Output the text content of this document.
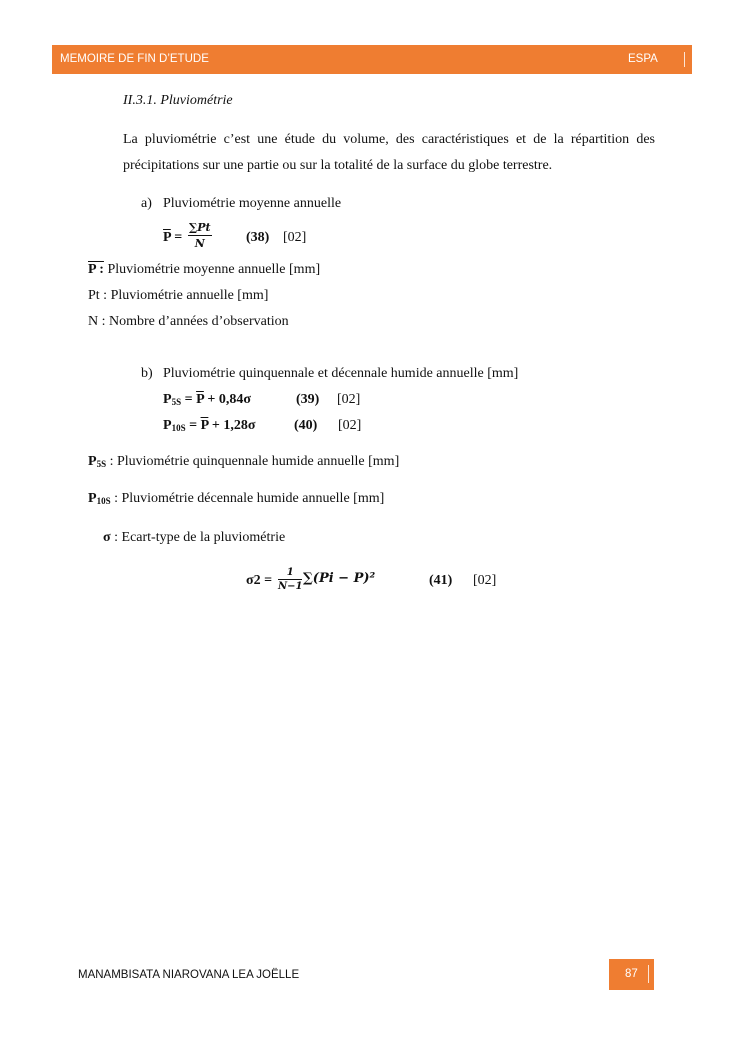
MEMOIRE DE FIN D’ETUDE	ESPA
II.3.1. Pluviométrie
La pluviométrie c’est une étude du volume, des caractéristiques et de la répartition des
précipitations sur une partie ou sur la totalité de la surface du globe terrestre.
a) Pluviométrie moyenne annuelle
$\overline{P} = \frac{\sum Pt}{N} (38)$ [02]
P : Pluviométrie moyenne annuelle [mm]
Pt : Pluviométrie annuelle [mm]
N : Nombre d’années d’observation
b) Pluviométrie quinquennale et décennale humide annuelle [mm]
$P_{5S} = \overline{P} + 0,84\sigma$	(39) [02]
$P_{10S} = \overline{P} + 1,28\sigma$	(40) [02]
$P_{5S}$ : Pluviométrie quinquennale humide annuelle [mm]
$P_{10S}$ : Pluviométrie décennale humide annuelle [mm]
σ : Ecart-type de la pluviométrie
$\sigma 2 = \frac{1}{N-1} \sum(Pi - P)^2$	(41) [02]
MANAMBISATA NIAROVANA LEA JOËLLE	87
